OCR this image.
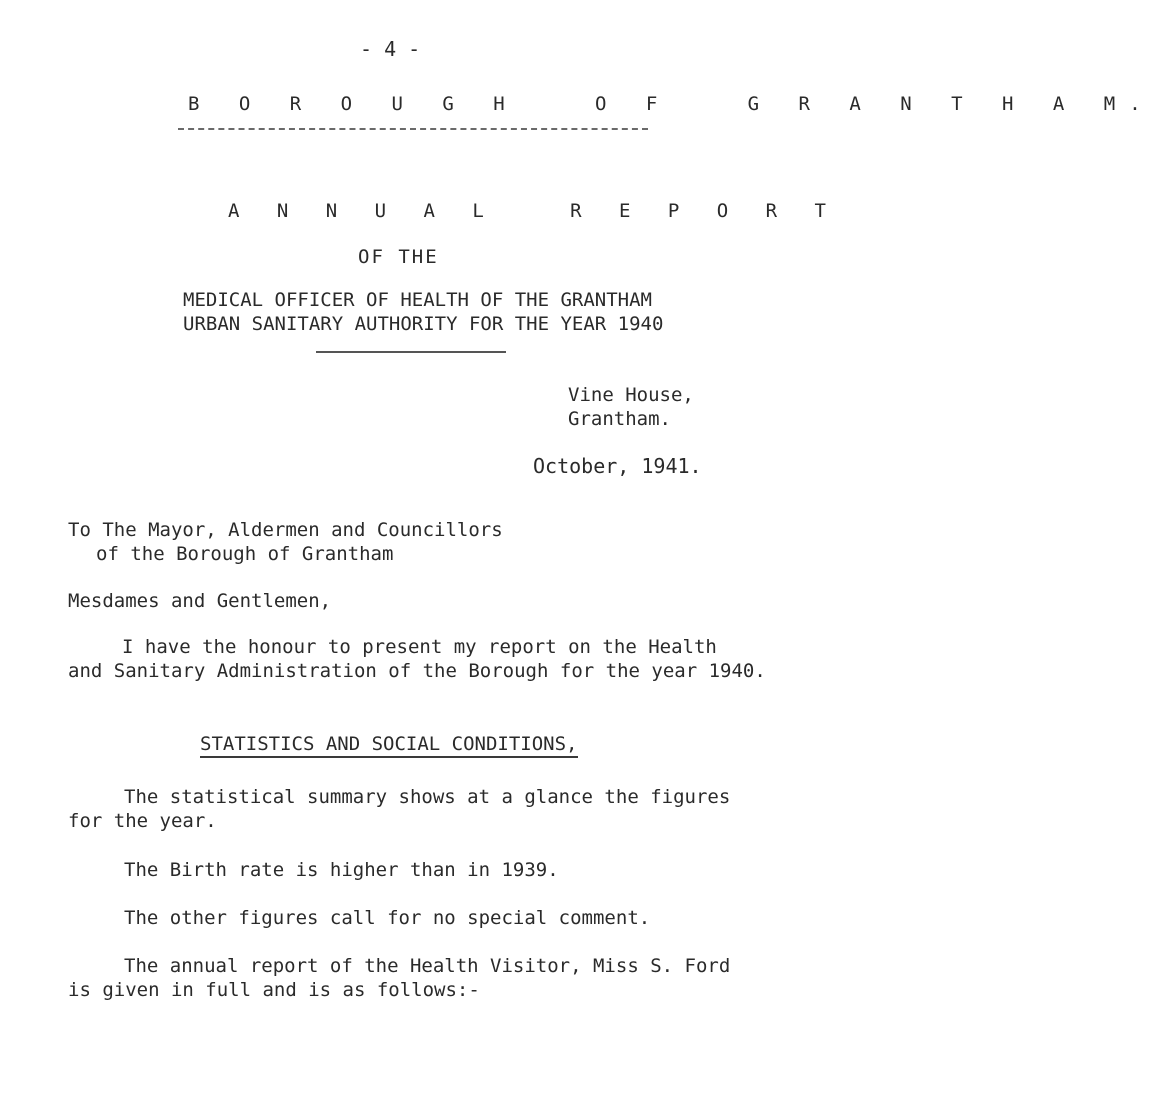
- 4 -
B O R O U G H   O F   G R A N T H A M.
A N N U A L   R E P O R T
OF THE
MEDICAL OFFICER OF HEALTH OF THE GRANTHAM
URBAN SANITARY AUTHORITY FOR THE YEAR 1940
Vine House,
Grantham.
October, 1941.
To The Mayor, Aldermen and Councillors
of the Borough of Grantham
Mesdames and Gentlemen,
I have the honour to present my report on the Health
and Sanitary Administration of the Borough for the year 1940.
STATISTICS AND SOCIAL CONDITIONS,
The statistical summary shows at a glance the figures
for the year.
The Birth rate is higher than in 1939.
The other figures call for no special comment.
The annual report of the Health Visitor, Miss S. Ford
is given in full and is as follows:-
